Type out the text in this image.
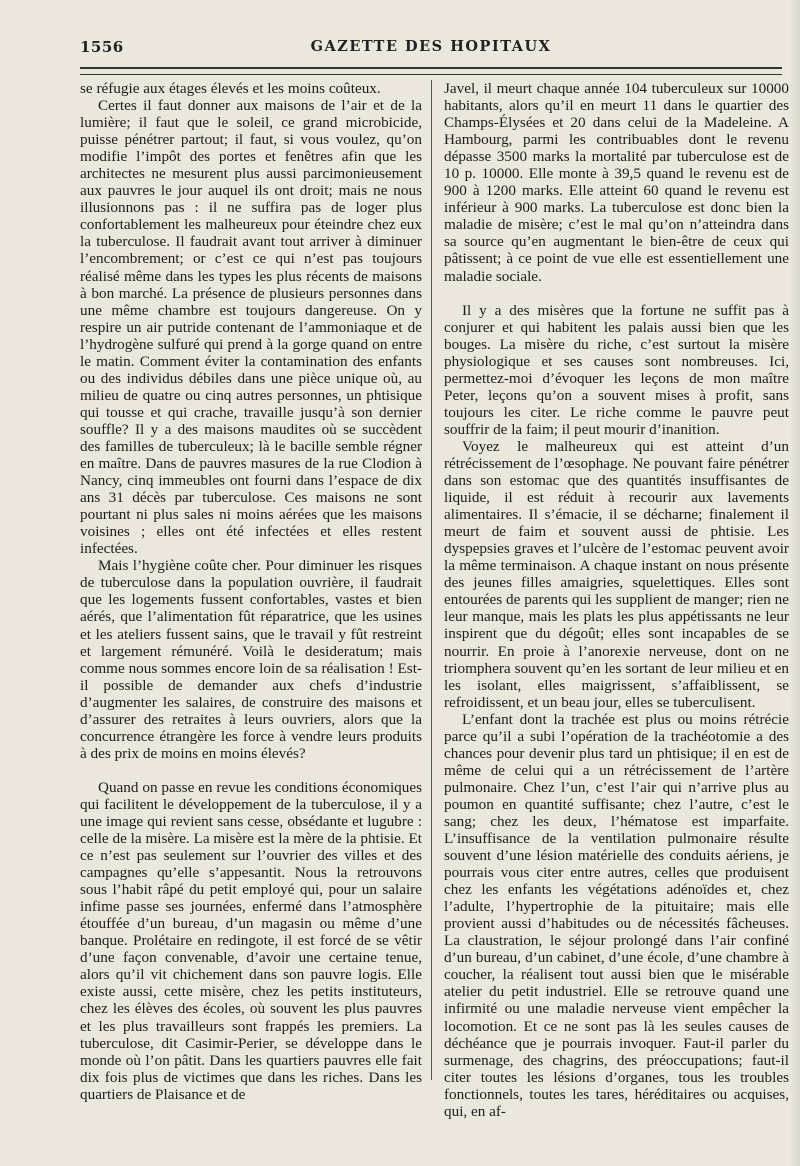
1556	GAZETTE DES HOPITAUX

se réfugie aux étages élevés et les moins coûteux.

Certes il faut donner aux maisons de l’air et de la lumière; il faut que le soleil, ce grand microbicide, puisse pénétrer partout; il faut, si vous voulez, qu’on modifie l’impôt des portes et fenêtres afin que les architectes ne mesurent plus aussi parcimonieusement aux pauvres le jour auquel ils ont droit; mais ne nous illusionnons pas : il ne suffira pas de loger plus confortablement les malheureux pour éteindre chez eux la tuberculose. Il faudrait avant tout arriver à diminuer l’encombrement; or c’est ce qui n’est pas toujours réalisé même dans les types les plus récents de maisons à bon marché. La présence de plusieurs personnes dans une même chambre est toujours dangereuse. On y respire un air putride contenant de l’ammoniaque et de l’hydrogène sulfuré qui prend à la gorge quand on entre le matin. Comment éviter la contamination des enfants ou des individus débiles dans une pièce unique où, au milieu de quatre ou cinq autres personnes, un phtisique qui tousse et qui crache, travaille jusqu’à son dernier souffle? Il y a des maisons maudites où se succèdent des familles de tuberculeux; là le bacille semble régner en maître. Dans de pauvres masures de la rue Clodion à Nancy, cinq immeubles ont fourni dans l’espace de dix ans 31 décès par tuberculose. Ces maisons ne sont pourtant ni plus sales ni moins aérées que les maisons voisines ; elles ont été infectées et elles restent infectées.

Mais l’hygiène coûte cher. Pour diminuer les risques de tuberculose dans la population ouvrière, il faudrait que les logements fussent confortables, vastes et bien aérés, que l’alimentation fût réparatrice, que les usines et les ateliers fussent sains, que le travail y fût restreint et largement rémunéré. Voilà le desideratum; mais comme nous sommes encore loin de sa réalisation ! Est-il possible de demander aux chefs d’industrie d’augmenter les salaires, de construire des maisons et d’assurer des retraites à leurs ouvriers, alors que la concurrence étrangère les force à vendre leurs produits à des prix de moins en moins élevés?

Quand on passe en revue les conditions économiques qui facilitent le développement de la tuberculose, il y a une image qui revient sans cesse, obsédante et lugubre : celle de la misère. La misère est la mère de la phtisie. Et ce n’est pas seulement sur l’ouvrier des villes et des campagnes qu’elle s’appesantit. Nous la retrouvons sous l’habit râpé du petit employé qui, pour un salaire infime passe ses journées, enfermé dans l’atmosphère étouffée d’un bureau, d’un magasin ou même d’une banque. Prolétaire en redingote, il est forcé de se vêtir d’une façon convenable, d’avoir une certaine tenue, alors qu’il vit chichement dans son pauvre logis. Elle existe aussi, cette misère, chez les petits instituteurs, chez les élèves des écoles, où souvent les plus pauvres et les plus travailleurs sont frappés les premiers. La tuberculose, dit Casimir-Perier, se développe dans le monde où l’on pâtit. Dans les quartiers pauvres elle fait dix fois plus de victimes que dans les riches. Dans les quartiers de Plaisance et de

Javel, il meurt chaque année 104 tuberculeux sur 10000 habitants, alors qu’il en meurt 11 dans le quartier des Champs-Élysées et 20 dans celui de la Madeleine. A Hambourg, parmi les contribuables dont le revenu dépasse 3500 marks la mortalité par tuberculose est de 10 p. 10000. Elle monte à 39,5 quand le revenu est de 900 à 1200 marks. Elle atteint 60 quand le revenu est inférieur à 900 marks. La tuberculose est donc bien la maladie de misère; c’est le mal qu’on n’atteindra dans sa source qu’en augmentant le bien-être de ceux qui pâtissent; à ce point de vue elle est essentiellement une maladie sociale.

Il y a des misères que la fortune ne suffit pas à conjurer et qui habitent les palais aussi bien que les bouges. La misère du riche, c’est surtout la misère physiologique et ses causes sont nombreuses. Ici, permettez-moi d’évoquer les leçons de mon maître Peter, leçons qu’on a souvent mises à profit, sans toujours les citer. Le riche comme le pauvre peut souffrir de la faim; il peut mourir d’inanition.

Voyez le malheureux qui est atteint d’un rétrécissement de l’œsophage. Ne pouvant faire pénétrer dans son estomac que des quantités insuffisantes de liquide, il est réduit à recourir aux lavements alimentaires. Il s’émacie, il se décharne; finalement il meurt de faim et souvent aussi de phtisie. Les dyspepsies graves et l’ulcère de l’estomac peuvent avoir la même terminaison. A chaque instant on nous présente des jeunes filles amaigries, squelettiques. Elles sont entourées de parents qui les supplient de manger; rien ne leur manque, mais les plats les plus appétissants ne leur inspirent que du dégoût; elles sont incapables de se nourrir. En proie à l’anorexie nerveuse, dont on ne triomphera souvent qu’en les sortant de leur milieu et en les isolant, elles maigrissent, s’affaiblissent, se refroidissent, et un beau jour, elles se tuberculisent.

L’enfant dont la trachée est plus ou moins rétrécie parce qu’il a subi l’opération de la trachéotomie a des chances pour devenir plus tard un phtisique; il en est de même de celui qui a un rétrécissement de l’artère pulmonaire. Chez l’un, c’est l’air qui n’arrive plus au poumon en quantité suffisante; chez l’autre, c’est le sang; chez les deux, l’hématose est imparfaite. L’insuffisance de la ventilation pulmonaire résulte souvent d’une lésion matérielle des conduits aériens, je pourrais vous citer entre autres, celles que produisent chez les enfants les végétations adénoïdes et, chez l’adulte, l’hypertrophie de la pituitaire; mais elle provient aussi d’habitudes ou de nécessités fâcheuses. La claustration, le séjour prolongé dans l’air confiné d’un bureau, d’un cabinet, d’une école, d’une chambre à coucher, la réalisent tout aussi bien que le misérable atelier du petit industriel. Elle se retrouve quand une infirmité ou une maladie nerveuse vient empêcher la locomotion. Et ce ne sont pas là les seules causes de déchéance que je pourrais invoquer. Faut-il parler du surmenage, des chagrins, des préoccupations; faut-il citer toutes les lésions d’organes, tous les troubles fonctionnels, toutes les tares, héréditaires ou acquises, qui, en af-
